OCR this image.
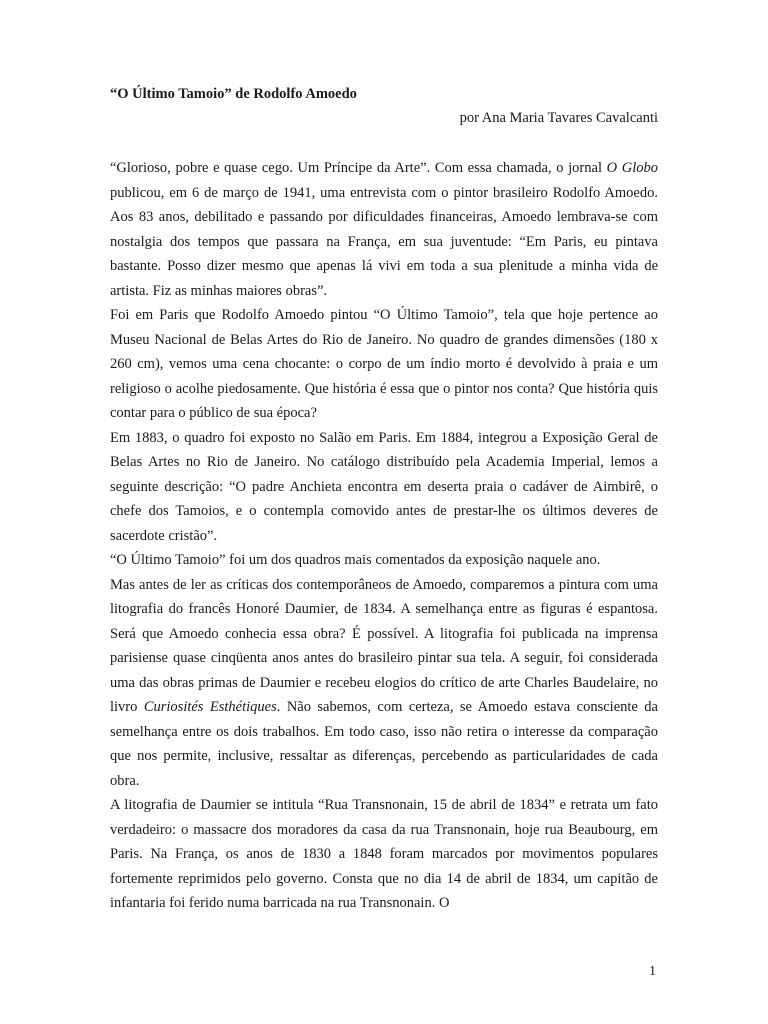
“O Último Tamoio” de Rodolfo Amoedo

por Ana Maria Tavares Cavalcanti

“Glorioso, pobre e quase cego. Um Príncipe da Arte”. Com essa chamada, o jornal O Globo publicou, em 6 de março de 1941, uma entrevista com o pintor brasileiro Rodolfo Amoedo. Aos 83 anos, debilitado e passando por dificuldades financeiras, Amoedo lembrava-se com nostalgia dos tempos que passara na França, em sua juventude: “Em Paris, eu pintava bastante. Posso dizer mesmo que apenas lá vivi em toda a sua plenitude a minha vida de artista. Fiz as minhas maiores obras”.

Foi em Paris que Rodolfo Amoedo pintou “O Último Tamoio”, tela que hoje pertence ao Museu Nacional de Belas Artes do Rio de Janeiro. No quadro de grandes dimensões (180 x 260 cm), vemos uma cena chocante: o corpo de um índio morto é devolvido à praia e um religioso o acolhe piedosamente. Que história é essa que o pintor nos conta? Que história quis contar para o público de sua época?

Em 1883, o quadro foi exposto no Salão em Paris. Em 1884, integrou a Exposição Geral de Belas Artes no Rio de Janeiro. No catálogo distribuído pela Academia Imperial, lemos a seguinte descrição: “O padre Anchieta encontra em deserta praia o cadáver de Aimbirê, o chefe dos Tamoios, e o contempla comovido antes de prestar-lhe os últimos deveres de sacerdote cristão”.

“O Último Tamoio” foi um dos quadros mais comentados da exposição naquele ano.

Mas antes de ler as críticas dos contemporâneos de Amoedo, comparemos a pintura com uma litografia do francês Honoré Daumier, de 1834. A semelhança entre as figuras é espantosa. Será que Amoedo conhecia essa obra? É possível. A litografia foi publicada na imprensa parisiense quase cinqüenta anos antes do brasileiro pintar sua tela. A seguir, foi considerada uma das obras primas de Daumier e recebeu elogios do crítico de arte Charles Baudelaire, no livro Curiosités Esthétiques. Não sabemos, com certeza, se Amoedo estava consciente da semelhança entre os dois trabalhos. Em todo caso, isso não retira o interesse da comparação que nos permite, inclusive, ressaltar as diferenças, percebendo as particularidades de cada obra.

A litografia de Daumier se intitula “Rua Transnonain, 15 de abril de 1834” e retrata um fato verdadeiro: o massacre dos moradores da casa da rua Transnonain, hoje rua Beaubourg, em Paris. Na França, os anos de 1830 a 1848 foram marcados por movimentos populares fortemente reprimidos pelo governo. Consta que no dia 14 de abril de 1834, um capitão de infantaria foi ferido numa barricada na rua Transnonain. O

1
